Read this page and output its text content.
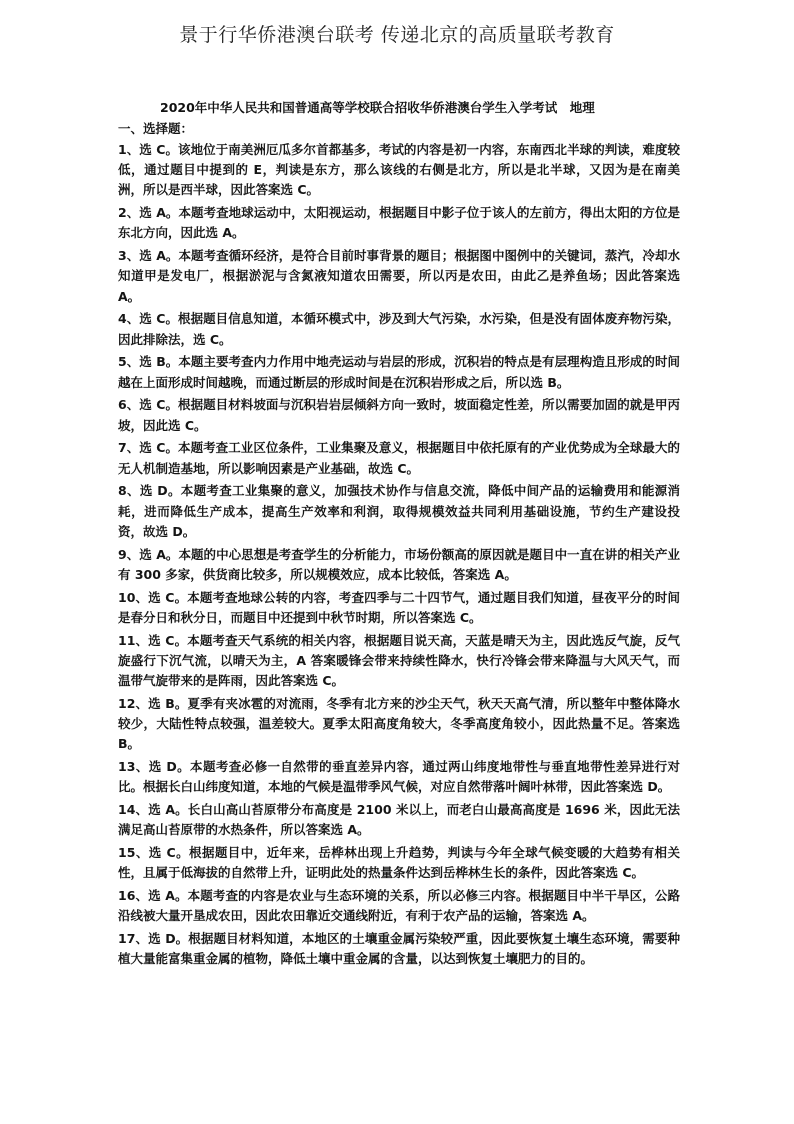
景于行华侨港澳台联考 传递北京的高质量联考教育
2020年中华人民共和国普通高等学校联合招收华侨港澳台学生入学考试　地理
一、选择题：

1、选 C。该地位于南美洲厄瓜多尔首都基多，考试的内容是初一内容，东南西北半球的判读，难度较低，通过题目中提到的 E，判读是东方，那么该线的右侧是北方，所以是北半球，又因为是在南美洲，所以是西半球，因此答案选 C。

2、选 A。本题考查地球运动中，太阳视运动，根据题目中影子位于该人的左前方，得出太阳的方位是东北方向，因此选 A。

3、选 A。本题考查循环经济，是符合目前时事背景的题目；根据图中图例中的关键词，蒸汽，冷却水知道甲是发电厂，根据淤泥与含氮液知道农田需要，所以丙是农田，由此乙是养鱼场；因此答案选 A。

4、选 C。根据题目信息知道，本循环模式中，涉及到大气污染，水污染，但是没有固体废弃物污染，因此排除法，选 C。

5、选 B。本题主要考查内力作用中地壳运动与岩层的形成，沉积岩的特点是有层理构造且形成的时间越在上面形成时间越晚，而通过断层的形成时间是在沉积岩形成之后，所以选 B。

6、选 C。根据题目材料坡面与沉积岩岩层倾斜方向一致时，坡面稳定性差，所以需要加固的就是甲丙坡，因此选 C。

7、选 C。本题考查工业区位条件，工业集聚及意义，根据题目中依托原有的产业优势成为全球最大的无人机制造基地，所以影响因素是产业基础，故选 C。

8、选 D。本题考查工业集聚的意义，加强技术协作与信息交流，降低中间产品的运输费用和能源消耗，进而降低生产成本，提高生产效率和利润，取得规模效益共同利用基础设施，节约生产建设投资，故选 D。

9、选 A。本题的中心思想是考查学生的分析能力，市场份额高的原因就是题目中一直在讲的相关产业有 300 多家，供货商比较多，所以规模效应，成本比较低，答案选 A。

10、选 C。本题考查地球公转的内容，考查四季与二十四节气，通过题目我们知道，昼夜平分的时间是春分日和秋分日，而题目中还提到中秋节时期，所以答案选 C。

11、选 C。本题考查天气系统的相关内容，根据题目说天高，天蓝是晴天为主，因此选反气旋，反气旋盛行下沉气流，以晴天为主，A 答案暖锋会带来持续性降水，快行冷锋会带来降温与大风天气，而温带气旋带来的是阵雨，因此答案选 C。

12、选 B。夏季有夹冰雹的对流雨，冬季有北方来的沙尘天气，秋天天高气清，所以整年中整体降水较少，大陆性特点较强，温差较大。夏季太阳高度角较大，冬季高度角较小，因此热量不足。答案选 B。

13、选 D。本题考查必修一自然带的垂直差异内容，通过两山纬度地带性与垂直地带性差异进行对比。根据长白山纬度知道，本地的气候是温带季风气候，对应自然带落叶阔叶林带，因此答案选 D。

14、选 A。长白山高山苔原带分布高度是 2100 米以上，而老白山最高高度是 1696 米，因此无法满足高山苔原带的水热条件，所以答案选 A。

15、选 C。根据题目中，近年来，岳桦林出现上升趋势，判读与今年全球气候变暖的大趋势有相关性，且属于低海拔的自然带上升，证明此处的热量条件达到岳桦林生长的条件，因此答案选 C。

16、选 A。本题考查的内容是农业与生态环境的关系，所以必修三内容。根据题目中半干旱区，公路沿线被大量开垦成农田，因此农田靠近交通线附近，有利于农产品的运输，答案选 A。

17、选 D。根据题目材料知道，本地区的土壤重金属污染较严重，因此要恢复土壤生态环境，需要种植大量能富集重金属的植物，降低土壤中重金属的含量，以达到恢复土壤肥力的目的。
